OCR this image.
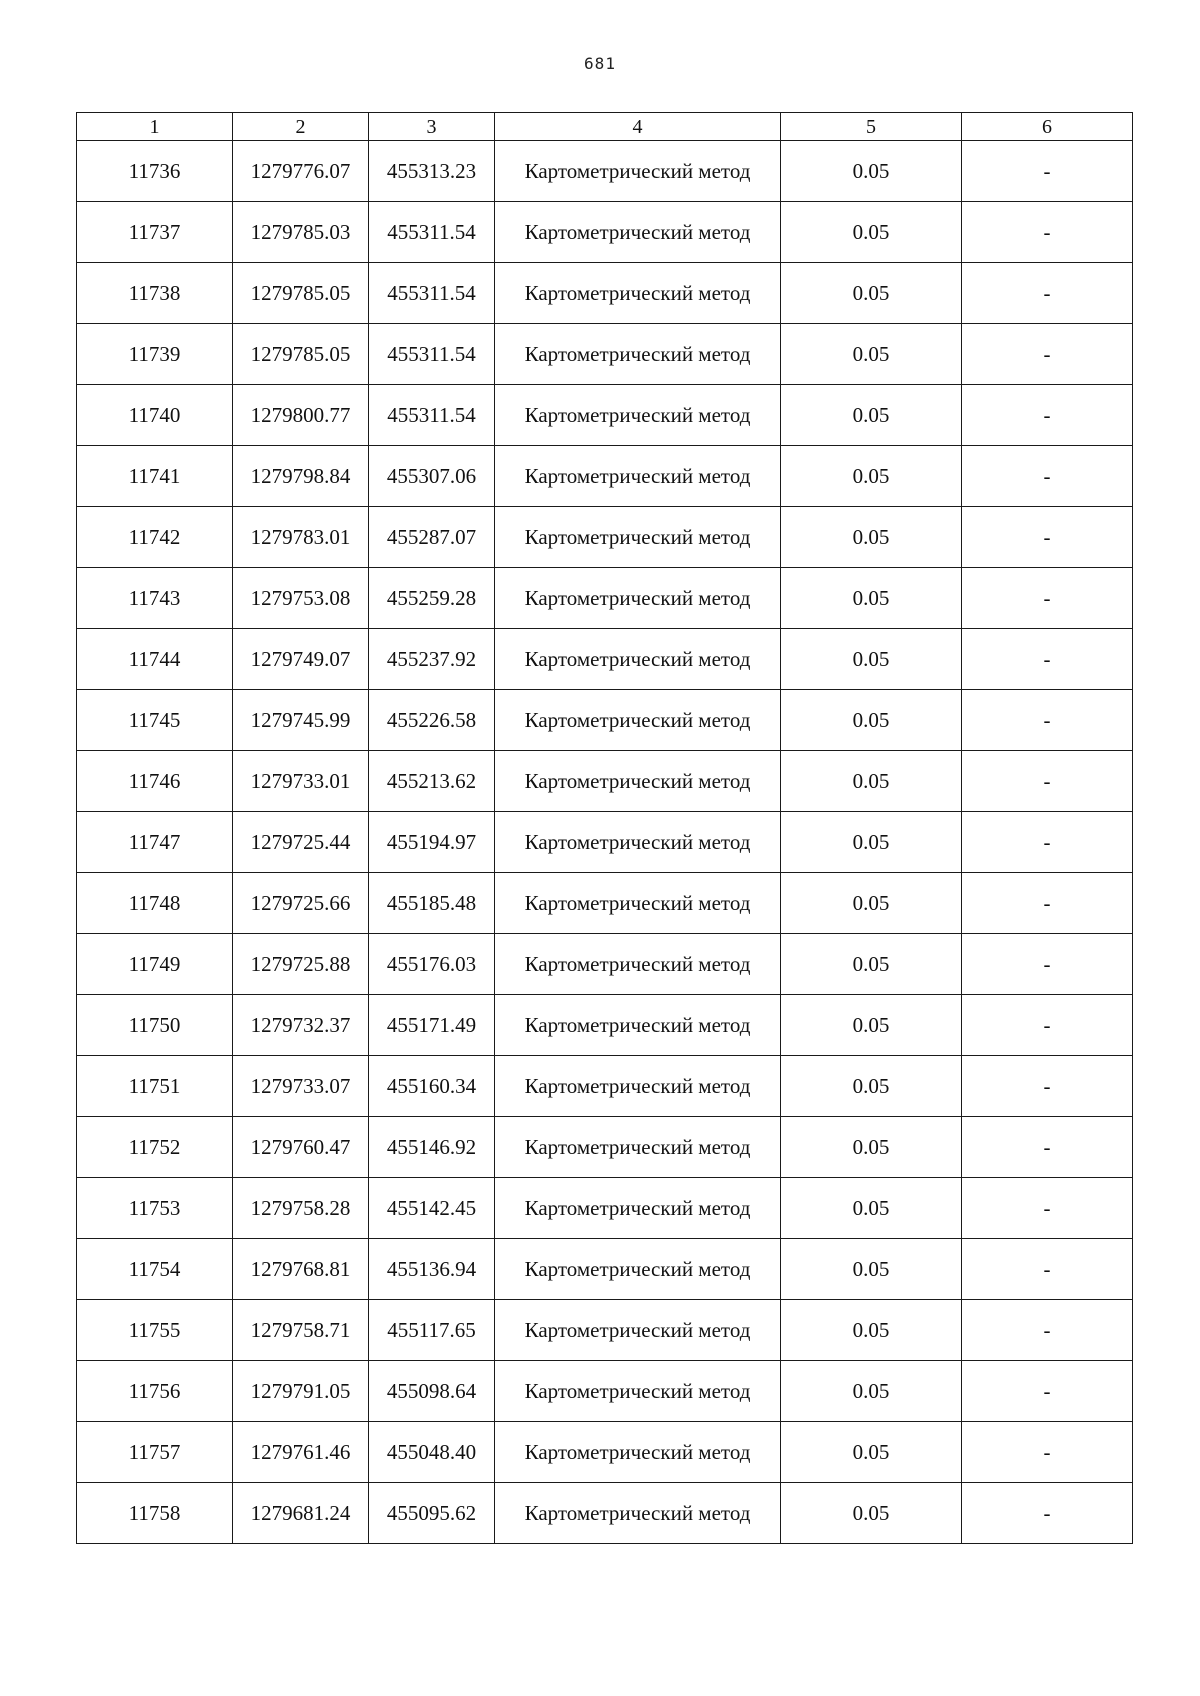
681
1	2	3	4	5	6
11736	1279776.07	455313.23	Картометрический метод	0.05	-
11737	1279785.03	455311.54	Картометрический метод	0.05	-
11738	1279785.05	455311.54	Картометрический метод	0.05	-
11739	1279785.05	455311.54	Картометрический метод	0.05	-
11740	1279800.77	455311.54	Картометрический метод	0.05	-
11741	1279798.84	455307.06	Картометрический метод	0.05	-
11742	1279783.01	455287.07	Картометрический метод	0.05	-
11743	1279753.08	455259.28	Картометрический метод	0.05	-
11744	1279749.07	455237.92	Картометрический метод	0.05	-
11745	1279745.99	455226.58	Картометрический метод	0.05	-
11746	1279733.01	455213.62	Картометрический метод	0.05	-
11747	1279725.44	455194.97	Картометрический метод	0.05	-
11748	1279725.66	455185.48	Картометрический метод	0.05	-
11749	1279725.88	455176.03	Картометрический метод	0.05	-
11750	1279732.37	455171.49	Картометрический метод	0.05	-
11751	1279733.07	455160.34	Картометрический метод	0.05	-
11752	1279760.47	455146.92	Картометрический метод	0.05	-
11753	1279758.28	455142.45	Картометрический метод	0.05	-
11754	1279768.81	455136.94	Картометрический метод	0.05	-
11755	1279758.71	455117.65	Картометрический метод	0.05	-
11756	1279791.05	455098.64	Картометрический метод	0.05	-
11757	1279761.46	455048.40	Картометрический метод	0.05	-
11758	1279681.24	455095.62	Картометрический метод	0.05	-
